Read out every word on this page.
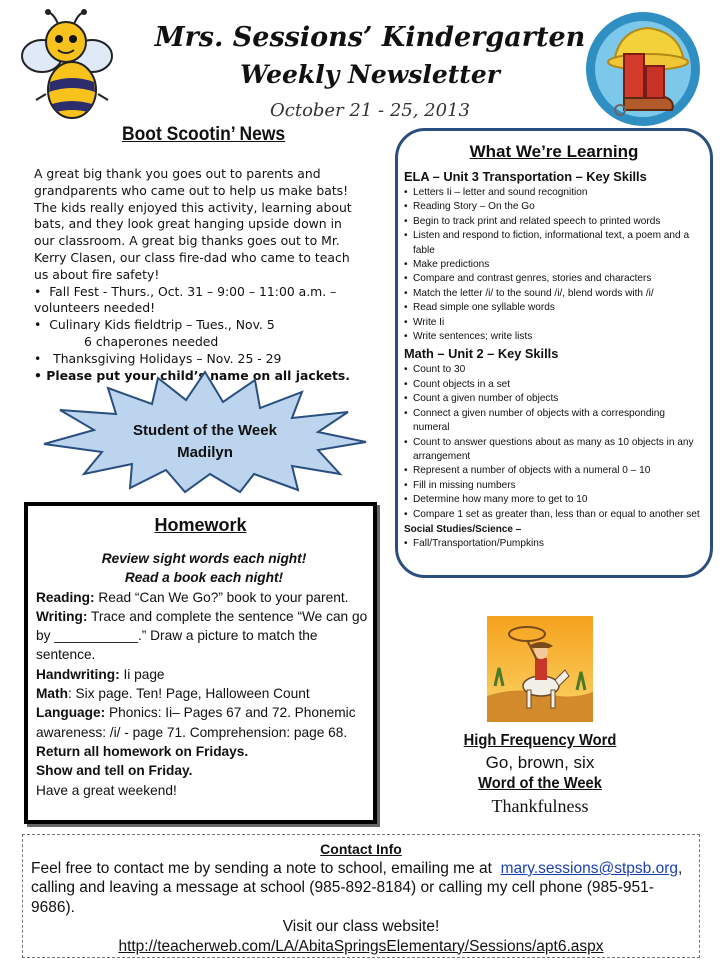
Mrs. Sessions’ Kindergarten
Weekly Newsletter
October 21 - 25, 2013
Boot Scootin’ News

A great big thank you goes out to parents and grandparents who came out to help us make bats! The kids really enjoyed this activity, learning about bats, and they look great hanging upside down in our classroom. A great big thanks goes out to Mr. Kerry Clasen, our class fire-dad who came to teach us about fire safety!

•  Fall Fest - Thurs., Oct. 31 – 9:00 – 11:00 a.m. – volunteers needed!

•  Culinary Kids fieldtrip – Tues., Nov. 5

6 chaperones needed

•   Thanksgiving Holidays – Nov. 25 - 29

• Please put your child’s name on all jackets.

Student of the Week
Madilyn
What We’re Learning
ELA – Unit 3 Transportation – Key Skills
• Letters Ii – letter and sound recognition
• Reading Story – On the Go
• Begin to track print and related speech to printed words
• Listen and respond to fiction, informational text, a poem and a fable
• Make predictions
• Compare and contrast genres, stories and characters
• Match the letter /i/ to the sound /i/, blend words with /i/
• Read simple one syllable words
• Write Ii
• Write sentences; write lists
Math – Unit 2 – Key Skills
• Count to 30
• Count objects in a set
• Count a given number of objects
• Connect a given number of objects with a corresponding numeral
• Count to answer questions about as many as 10 objects in any arrangement
• Represent a number of objects with a numeral 0 – 10
• Fill in missing numbers
• Determine how many more to get to 10
• Compare 1 set as greater than, less than or equal to another set
Social Studies/Science –
• Fall/Transportation/Pumpkins
Homework
Review sight words each night!
Read a book each night!
Reading: Read “Can We Go?” book to your parent.
Writing: Trace and complete the sentence “We can go by ___________.” Draw a picture to match the sentence.
Handwriting: Ii page
Math: Six page. Ten! Page, Halloween Count
Language: Phonics: Ii– Pages 67 and 72. Phonemic awareness: /i/ - page 71. Comprehension: page 68.
Return all homework on Fridays.
Show and tell on Friday.
Have a great weekend!
High Frequency Word
Go, brown, six
Word of the Week
Thankfulness
Contact Info
Feel free to contact me by sending a note to school, emailing me at  mary.sessions@stpsb.org, calling and leaving a message at school (985-892-8184) or calling my cell phone (985-951-9686).
Visit our class website!
http://teacherweb.com/LA/AbitaSpringsElementary/Sessions/apt6.aspx
